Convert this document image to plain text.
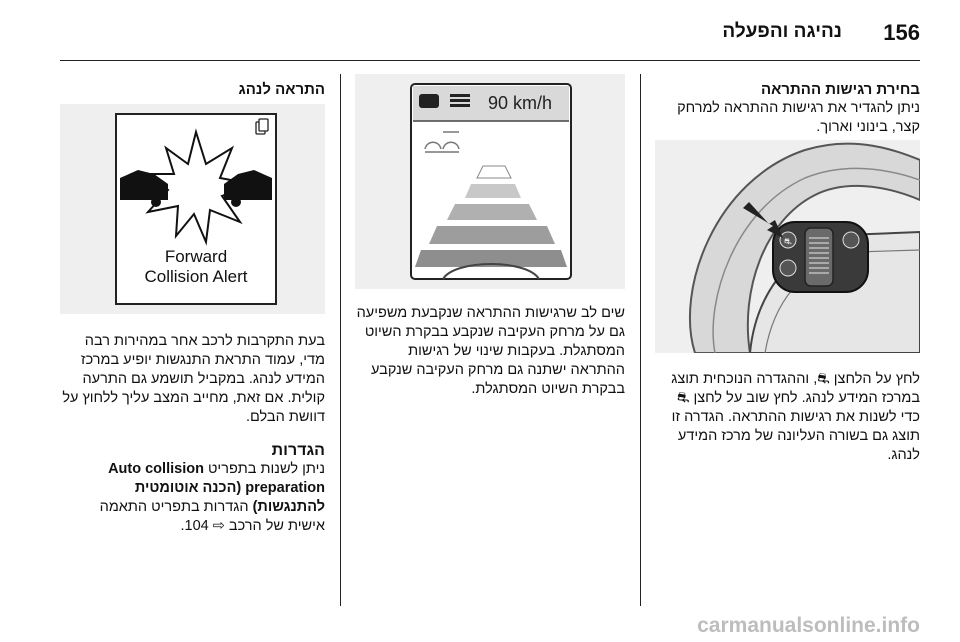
156
נהיגה והפעלה

בחירת רגישות ההתראה

ניתן להגדיר את רגישות ההתראה למרחק קצר, בינוני וארוך.

⛐

לחץ על הלחצן ⛐, וההגדרה הנוכחית תוצג במרכז המידע לנהג. לחץ שוב על לחצן ⛐ כדי לשנות את רגישות ההתראה. הגדרה זו תוצג גם בשורה העליונה של מרכז המידע לנהג.

90 km/h

שים לב שרגישות ההתראה שנקבעת משפיעה גם על מרחק העקיבה שנקבע בבקרת השיוט המסתגלת. בעקבות שינוי של רגישות ההתראה ישתנה גם מרחק העקיבה שנקבע בבקרת השיוט המסתגלת.

התראה לנהג

Forward
Collision Alert

בעת התקרבות לרכב אחר במהירות רבה מדי, עמוד התראת התנגשות יופיע במרכז המידע לנהג. במקביל תושמע גם התרעה קולית. אם זאת, מחייב המצב עליך ללחוץ על דוושת הבלם.

הגדרות

ניתן לשנות בתפריט Auto collision preparation (הכנה אוטומטית להתנגשות) הגדרות בתפריט התאמה אישית של הרכב ⇨ 104.

carmanualsonline.info
